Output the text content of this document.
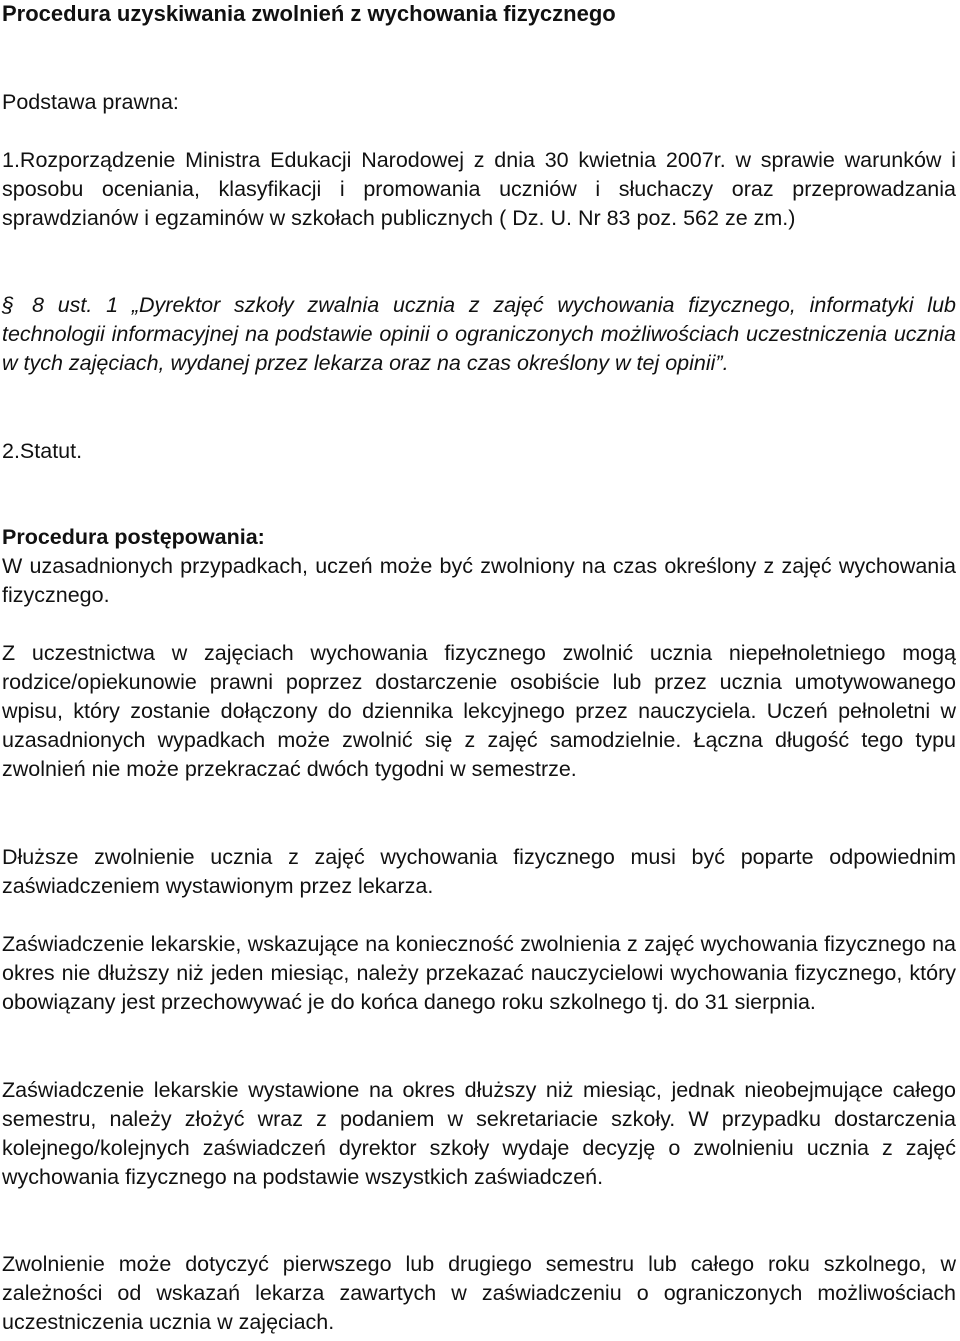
Procedura uzyskiwania zwolnień z wychowania fizycznego

Podstawa prawna:

1.Rozporządzenie Ministra Edukacji Narodowej z dnia 30 kwietnia 2007r. w sprawie warunków i sposobu oceniania, klasyfikacji i promowania uczniów i słuchaczy oraz przeprowadzania sprawdzianów i egzaminów w szkołach publicznych ( Dz. U. Nr 83 poz. 562 ze zm.)

§ 8 ust. 1 „Dyrektor szkoły zwalnia ucznia z zajęć wychowania fizycznego, informatyki lub technologii informacyjnej na podstawie opinii o ograniczonych możliwościach uczestniczenia ucznia w tych zajęciach, wydanej przez lekarza oraz na czas określony w tej opinii”.

2.Statut.

Procedura postępowania:

W uzasadnionych przypadkach, uczeń może być zwolniony na czas określony z zajęć wychowania fizycznego.

Z uczestnictwa w zajęciach wychowania fizycznego zwolnić ucznia niepełnoletniego mogą rodzice/opiekunowie prawni poprzez dostarczenie osobiście lub przez ucznia umotywowanego wpisu, który zostanie dołączony do dziennika lekcyjnego przez nauczyciela. Uczeń pełnoletni w uzasadnionych wypadkach może zwolnić się z zajęć samodzielnie. Łączna długość tego typu zwolnień nie może przekraczać dwóch tygodni w semestrze.

Dłuższe zwolnienie ucznia z zajęć wychowania fizycznego musi być poparte odpowiednim zaświadczeniem wystawionym przez lekarza.

Zaświadczenie lekarskie, wskazujące na konieczność zwolnienia z zajęć wychowania fizycznego na okres nie dłuższy niż jeden miesiąc, należy przekazać nauczycielowi wychowania fizycznego, który obowiązany jest przechowywać je do końca danego roku szkolnego tj. do 31 sierpnia.

Zaświadczenie lekarskie wystawione na okres dłuższy niż miesiąc, jednak nieobejmujące całego semestru, należy złożyć wraz z podaniem w sekretariacie szkoły. W przypadku dostarczenia kolejnego/kolejnych zaświadczeń dyrektor szkoły wydaje decyzję o zwolnieniu ucznia z zajęć wychowania fizycznego na podstawie wszystkich zaświadczeń.

Zwolnienie może dotyczyć pierwszego lub drugiego semestru lub całego roku szkolnego, w zależności od wskazań lekarza zawartych w zaświadczeniu o ograniczonych możliwościach uczestniczenia ucznia w zajęciach.
